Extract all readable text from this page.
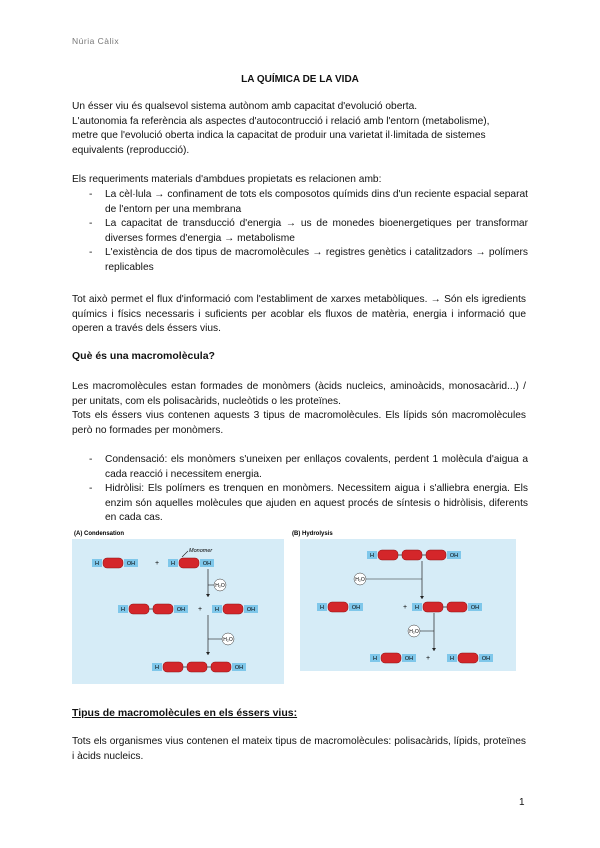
Núria Càlix
LA QUÍMICA DE LA VIDA
Un ésser viu és qualsevol sistema autònom amb capacitat d'evolució oberta.
L'autonomia fa referència als aspectes d'autocontrucció i relació amb l'entorn (metabolisme),
metre que l'evolució oberta indica la capacitat de produir una varietat il·limitada de sistemes
equivalents (reproducció).
Els requeriments materials d'ambdues propietats es relacionen amb:
- La cèl·lula → confinament de tots els composotos químids dins d'un reciente espacial separat de l'entorn per una membrana
- La capacitat de transducció d'energia → us de monedes bioenergetiques per transformar diverses formes d'energia → metabolisme
- L'existència de dos tipus de macromolècules → registres genètics i catalitzadors → polímers replicables
Tot això permet el flux d'informació com l'establiment de xarxes metabòliques. → Són els igredients químics i físics necessaris i suficients per acoblar els fluxos de matèria, energia i informació que operen a través dels éssers vius.
Què és una macromolècula?
Les macromolècules estan formades de monòmers (àcids nucleics, aminoàcids, monosacàrid...) / per unitats, com els polisacàrids, nucleòtids o les proteïnes.
Tots els éssers vius contenen aquests 3 tipus de macromolècules. Els lípids són macromolècules però no formades per monòmers.
- Condensació: els monòmers s'uneixen per enllaços covalents, perdent 1 molècula d'aigua a cada reacció i necessitem energia.
- Hidròlisi: Els polímers es trenquen en monòmers. Necessitem aigua i s'alliebra energia. Els enzim són aquelles molècules que ajuden en aquest procés de síntesis o hidròlisis, diferents en cada cas.
(A) Condensation	(B) Hydrolysis
H	OH	+ H	OH
H₂O
H	OH + H	OH
H₂O
H	OH
H	OH
H₂O
H	OH	+ H	OH
H₂O
H	OH +	H	OH
Monomer
Tipus de macromolècules en els éssers vius:
Tots els organismes vius contenen el mateix tipus de macromolècules: polisacàrids, lípids, proteïnes i àcids nucleics.
1
